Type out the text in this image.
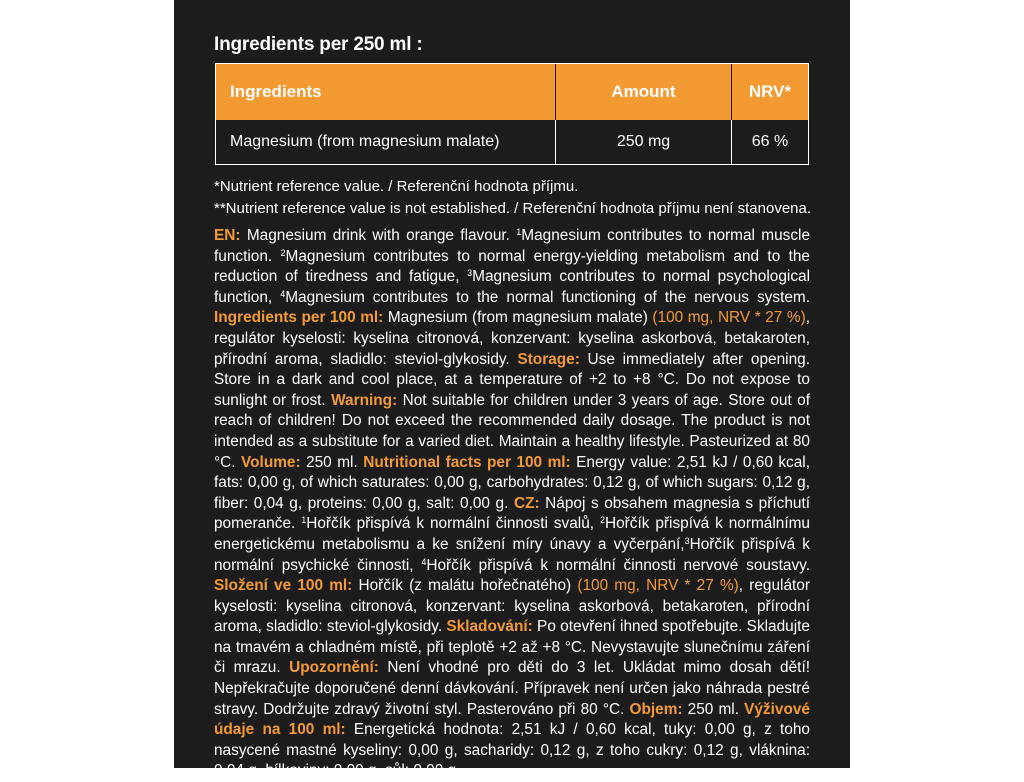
Ingredients per 250 ml :
Ingredients	Amount	NRV*
Magnesium (from magnesium malate)	250 mg	66 %
*Nutrient reference value. / Referenční hodnota příjmu.
**Nutrient reference value is not established. / Referenční hodnota příjmu není stanovena.
EN: Magnesium drink with orange flavour. $^1$Magnesium contributes to normal muscle function. $^2$Magnesium contributes to normal energy-yielding metabolism and to the reduction of tiredness and fatigue, $^3$Magnesium contributes to normal psychological function, $^4$Magnesium contributes to the normal functioning of the nervous system. Ingredients per 100 ml: Magnesium (from magnesium malate) (100 mg, NRV * 27 %), regulátor kyselosti: kyselina citronová, konzervant: kyselina askorbová, betakaroten, přírodní aroma, sladidlo: steviol-glykosidy. Storage: Use immediately after opening. Store in a dark and cool place, at a temperature of +2 to +8 °C. Do not expose to sunlight or frost. Warning: Not suitable for children under 3 years of age. Store out of reach of children! Do not exceed the recommended daily dosage. The product is not intended as a substitute for a varied diet. Maintain a healthy lifestyle. Pasteurized at 80 °C. Volume: 250 ml. Nutritional facts per 100 ml: Energy value: 2,51 kJ / 0,60 kcal, fats: 0,00 g, of which saturates: 0,00 g, carbohydrates: 0,12 g, of which sugars: 0,12 g, fiber: 0,04 g, proteins: 0,00 g, salt: 0,00 g. CZ: Nápoj s obsahem magnesia s příchutí pomeranče. $^1$Hořčík přispívá k normální činnosti svalů, $^2$Hořčík přispívá k normálnímu energetickému metabolismu a ke snížení míry únavy a vyčerpání,$^3$Hořčík přispívá k normální psychické činnosti, $^4$Hořčík přispívá k normální činnosti nervové soustavy. Složení ve 100 ml: Hořčík (z malátu hořečnatého) (100 mg, NRV * 27 %), regulátor kyselosti: kyselina citronová, konzervant: kyselina askorbová, betakaroten, přírodní aroma, sladidlo: steviol-glykosidy. Skladování: Po otevření ihned spotřebujte. Skladujte na tmavém a chladném místě, při teplotě +2 až +8 °C. Nevystavujte slunečnímu záření či mrazu. Upozornění: Není vhodné pro děti do 3 let. Ukládat mimo dosah dětí! Nepřekračujte doporučené denní dávkování. Přípravek není určen jako náhrada pestré stravy. Dodržujte zdravý životní styl. Pasterováno při 80 °C. Objem: 250 ml. Výživové údaje na 100 ml: Energetická hodnota: 2,51 kJ / 0,60 kcal, tuky: 0,00 g, z toho nasycené mastné kyseliny: 0,00 g, sacharidy: 0,12 g, z toho cukry: 0,12 g, vláknina: 0,04 g, bílkoviny: 0,00 g, sůl: 0,00 g.
